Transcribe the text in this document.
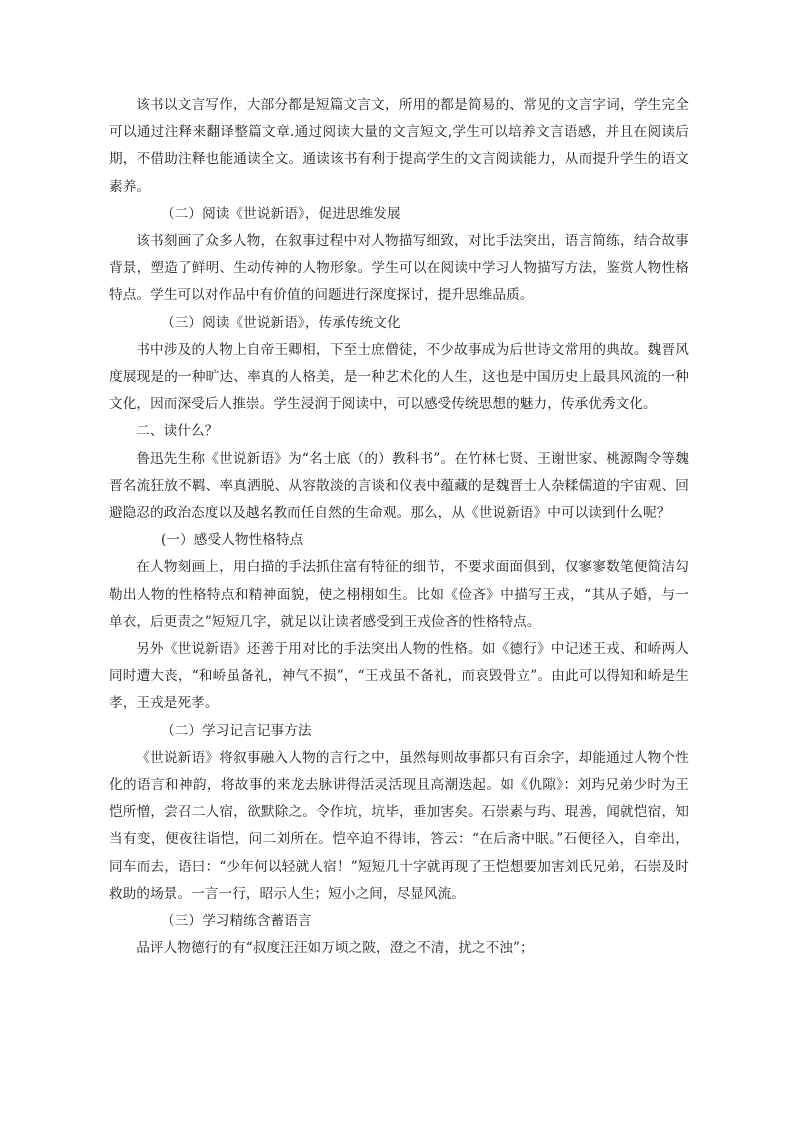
该书以文言写作，大部分都是短篇文言文，所用的都是简易的、常见的文言字词，学生完全可以通过注释来翻译整篇文章.通过阅读大量的文言短文,学生可以培养文言语感，并且在阅读后期，不借助注释也能通读全文。通读该书有利于提高学生的文言阅读能力，从而提升学生的语文素养。

（二）阅读《世说新语》，促进思维发展

该书刻画了众多人物，在叙事过程中对人物描写细致，对比手法突出，语言简练，结合故事背景，塑造了鲜明、生动传神的人物形象。学生可以在阅读中学习人物描写方法，鉴赏人物性格特点。学生可以对作品中有价值的问题进行深度探讨，提升思维品质。

（三）阅读《世说新语》，传承传统文化

书中涉及的人物上自帝王卿相，下至士庶僧徒，不少故事成为后世诗文常用的典故。魏晋风度展现是的一种旷达、率真的人格美，是一种艺术化的人生，这也是中国历史上最具风流的一种文化，因而深受后人推崇。学生浸润于阅读中，可以感受传统思想的魅力，传承优秀文化。

二、读什么？

鲁迅先生称《世说新语》为“名士底（的）教科书”。在竹林七贤、王谢世家、桃源陶令等魏晋名流狂放不羁、率真洒脱、从容散淡的言谈和仪表中蕴藏的是魏晋士人杂糅儒道的宇宙观、回避隐忍的政治态度以及越名教而任自然的生命观。那么，从《世说新语》中可以读到什么呢？

(一）感受人物性格特点

在人物刻画上，用白描的手法抓住富有特征的细节，不要求面面俱到，仅寥寥数笔便简洁勾勒出人物的性格特点和精神面貌，使之栩栩如生。比如《俭吝》中描写王戎，“其从子婚，与一单衣，后更责之”短短几字，就足以让读者感受到王戎俭吝的性格特点。

另外《世说新语》还善于用对比的手法突出人物的性格。如《德行》中记述王戎、和峤两人同时遭大丧，“和峤虽备礼，神气不损”，“王戎虽不备礼，而哀毁骨立”。由此可以得知和峤是生孝，王戎是死孝。

（二）学习记言记事方法

《世说新语》将叙事融入人物的言行之中，虽然每则故事都只有百余字，却能通过人物个性化的语言和神韵，将故事的来龙去脉讲得活灵活现且高潮迭起。如《仇隙》：刘玙兄弟少时为王恺所憎，尝召二人宿，欲默除之。令作坑，坑毕，垂加害矣。石崇素与玙、琨善，闻就恺宿，知当有变，便夜往诣恺，问二刘所在。恺卒迫不得讳，答云：“在后斋中眠。”石便径入，自牵出，同车而去，语曰：“少年何以轻就人宿！”短短几十字就再现了王恺想要加害刘氏兄弟，石崇及时救助的场景。一言一行，昭示人生；短小之间，尽显风流。

（三）学习精练含蓄语言

品评人物德行的有“叔度汪汪如万顷之陂，澄之不清，扰之不浊”；
